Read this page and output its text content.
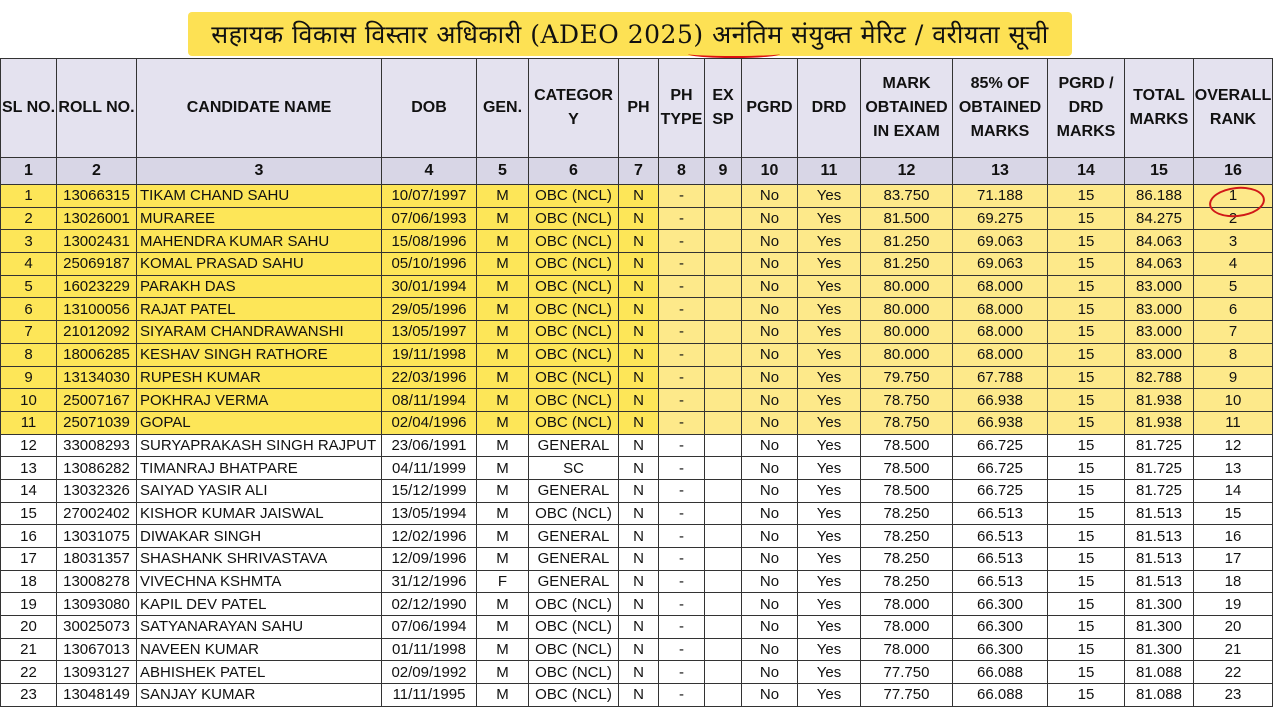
सहायक विकास विस्तार अधिकारी (ADEO 2025) अनंतिम संयुक्त मेरिट / वरीयता सूची
SL NO.	ROLL NO.	CANDIDATE NAME	DOB	GEN.	CATEGOR Y	PH	PH TYPE	EX SP	PGRD	DRD	MARK OBTAINED IN EXAM	85% OF OBTAINED MARKS	PGRD / DRD MARKS	TOTAL MARKS	OVERALL RANK
1	2	3	4	5	6	7	8	9	10	11	12	13	14	15	16
1	13066315	TIKAM CHAND SAHU	10/07/1997	M	OBC (NCL)	N	-		No	Yes	83.750	71.188	15	86.188	1
2	13026001	MURAREE	07/06/1993	M	OBC (NCL)	N	-		No	Yes	81.500	69.275	15	84.275	2
3	13002431	MAHENDRA KUMAR SAHU	15/08/1996	M	OBC (NCL)	N	-		No	Yes	81.250	69.063	15	84.063	3
4	25069187	KOMAL PRASAD SAHU	05/10/1996	M	OBC (NCL)	N	-		No	Yes	81.250	69.063	15	84.063	4
5	16023229	PARAKH DAS	30/01/1994	M	OBC (NCL)	N	-		No	Yes	80.000	68.000	15	83.000	5
6	13100056	RAJAT PATEL	29/05/1996	M	OBC (NCL)	N	-		No	Yes	80.000	68.000	15	83.000	6
7	21012092	SIYARAM CHANDRAWANSHI	13/05/1997	M	OBC (NCL)	N	-		No	Yes	80.000	68.000	15	83.000	7
8	18006285	KESHAV SINGH RATHORE	19/11/1998	M	OBC (NCL)	N	-		No	Yes	80.000	68.000	15	83.000	8
9	13134030	RUPESH KUMAR	22/03/1996	M	OBC (NCL)	N	-		No	Yes	79.750	67.788	15	82.788	9
10	25007167	POKHRAJ VERMA	08/11/1994	M	OBC (NCL)	N	-		No	Yes	78.750	66.938	15	81.938	10
11	25071039	GOPAL	02/04/1996	M	OBC (NCL)	N	-		No	Yes	78.750	66.938	15	81.938	11
12	33008293	SURYAPRAKASH SINGH RAJPUT	23/06/1991	M	GENERAL	N	-		No	Yes	78.500	66.725	15	81.725	12
13	13086282	TIMANRAJ BHATPARE	04/11/1999	M	SC	N	-		No	Yes	78.500	66.725	15	81.725	13
14	13032326	SAIYAD YASIR ALI	15/12/1999	M	GENERAL	N	-		No	Yes	78.500	66.725	15	81.725	14
15	27002402	KISHOR KUMAR JAISWAL	13/05/1994	M	OBC (NCL)	N	-		No	Yes	78.250	66.513	15	81.513	15
16	13031075	DIWAKAR SINGH	12/02/1996	M	GENERAL	N	-		No	Yes	78.250	66.513	15	81.513	16
17	18031357	SHASHANK SHRIVASTAVA	12/09/1996	M	GENERAL	N	-		No	Yes	78.250	66.513	15	81.513	17
18	13008278	VIVECHNA KSHMTA	31/12/1996	F	GENERAL	N	-		No	Yes	78.250	66.513	15	81.513	18
19	13093080	KAPIL DEV PATEL	02/12/1990	M	OBC (NCL)	N	-		No	Yes	78.000	66.300	15	81.300	19
20	30025073	SATYANARAYAN SAHU	07/06/1994	M	OBC (NCL)	N	-		No	Yes	78.000	66.300	15	81.300	20
21	13067013	NAVEEN KUMAR	01/11/1998	M	OBC (NCL)	N	-		No	Yes	78.000	66.300	15	81.300	21
22	13093127	ABHISHEK PATEL	02/09/1992	M	OBC (NCL)	N	-		No	Yes	77.750	66.088	15	81.088	22
23	13048149	SANJAY KUMAR	11/11/1995	M	OBC (NCL)	N	-		No	Yes	77.750	66.088	15	81.088	23
